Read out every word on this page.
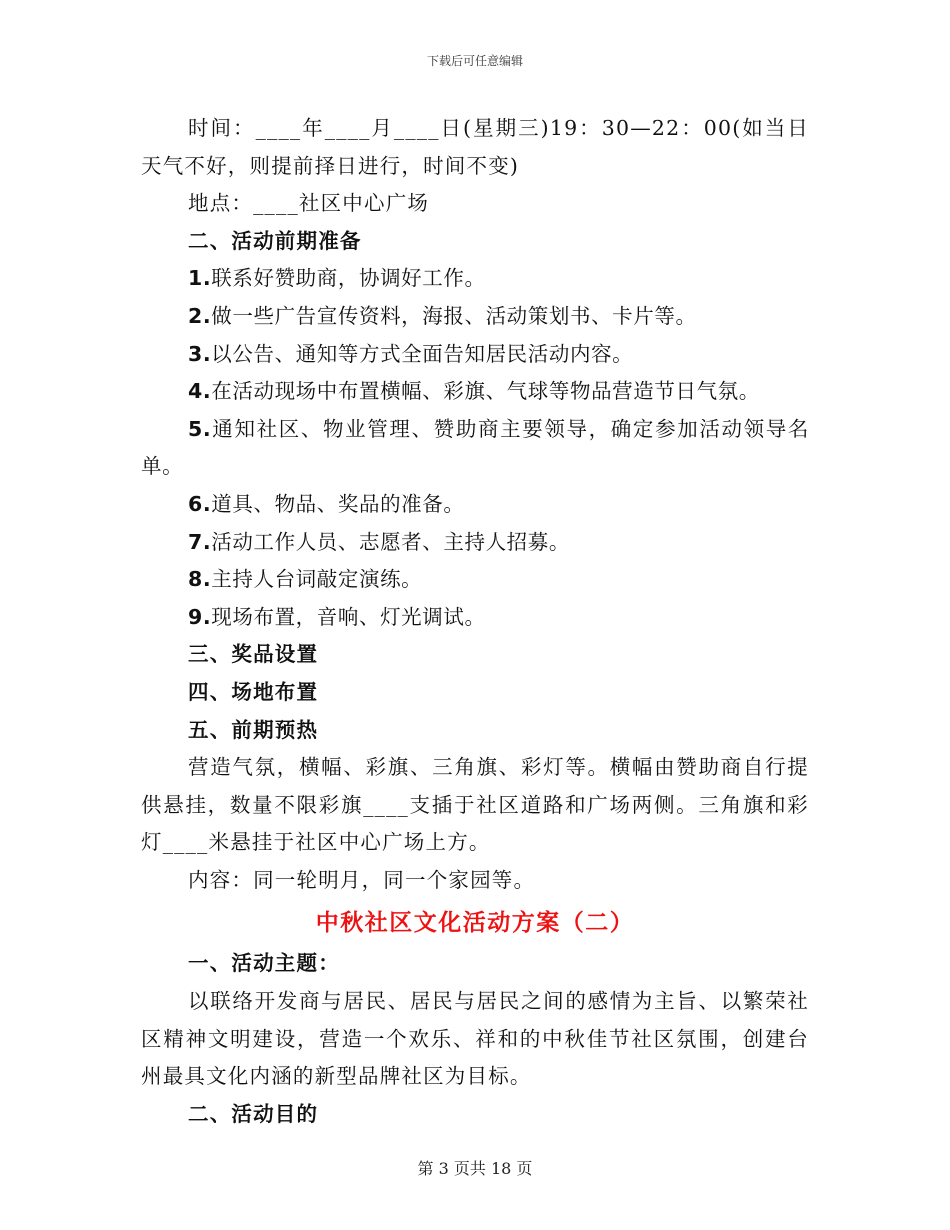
下载后可任意编辑

时间：____年____月____日(星期三)19：30—22：00(如当日天气不好，则提前择日进行，时间不变)

地点：____社区中心广场

二、活动前期准备

1.联系好赞助商，协调好工作。

2.做一些广告宣传资料，海报、活动策划书、卡片等。

3.以公告、通知等方式全面告知居民活动内容。

4.在活动现场中布置横幅、彩旗、气球等物品营造节日气氛。

5.通知社区、物业管理、赞助商主要领导，确定参加活动领导名单。

6.道具、物品、奖品的准备。

7.活动工作人员、志愿者、主持人招募。

8.主持人台词敲定演练。

9.现场布置，音响、灯光调试。

三、奖品设置

四、场地布置

五、前期预热

营造气氛，横幅、彩旗、三角旗、彩灯等。横幅由赞助商自行提供悬挂，数量不限彩旗____支插于社区道路和广场两侧。三角旗和彩灯____米悬挂于社区中心广场上方。

内容：同一轮明月，同一个家园等。

中秋社区文化活动方案（二）

一、活动主题：

以联络开发商与居民、居民与居民之间的感情为主旨、以繁荣社区精神文明建设，营造一个欢乐、祥和的中秋佳节社区氛围，创建台州最具文化内涵的新型品牌社区为目标。

二、活动目的

第 3 页共 18 页
